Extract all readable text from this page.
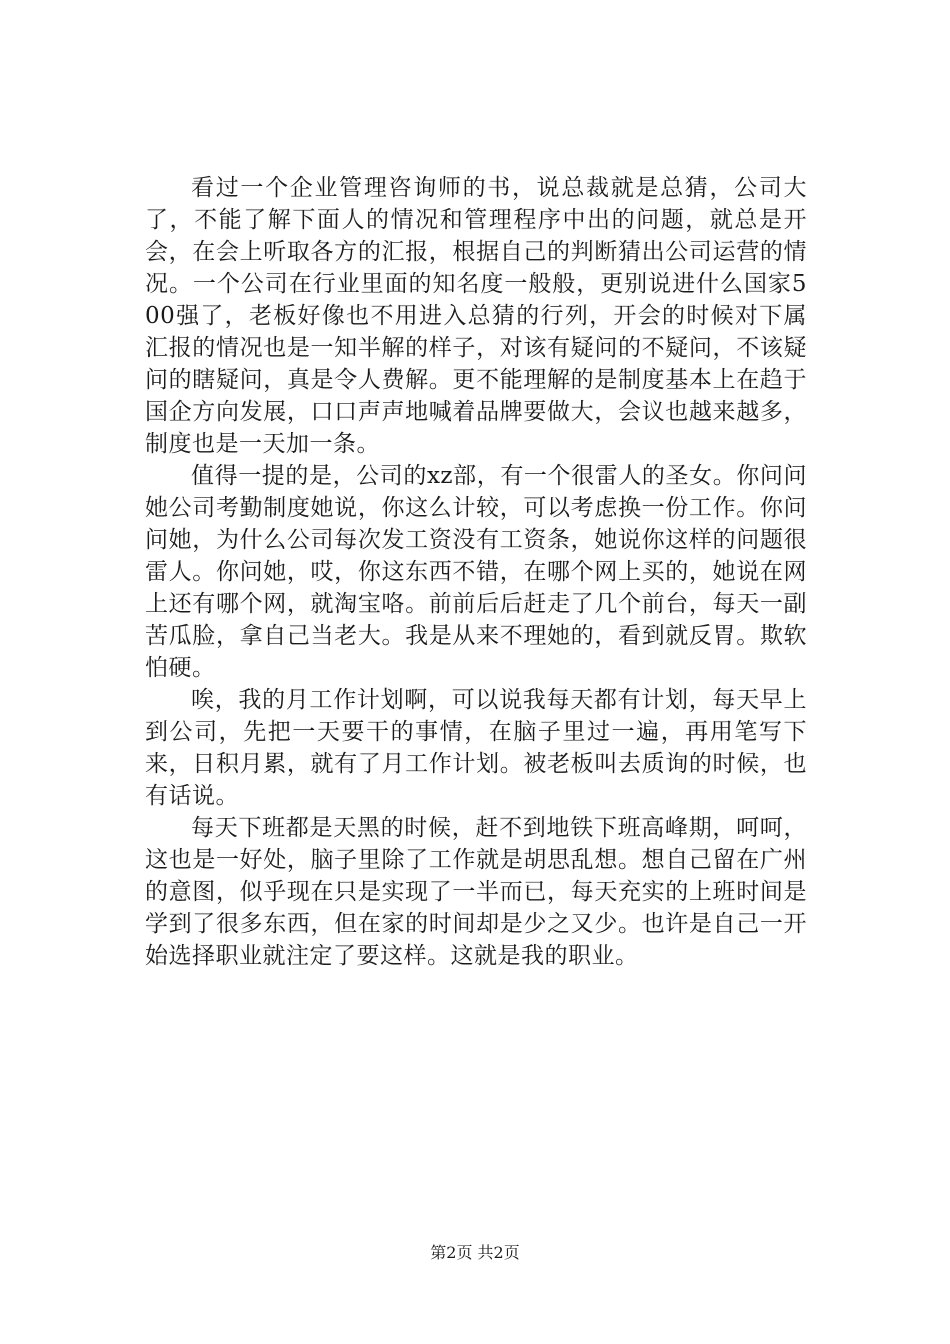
看过一个企业管理咨询师的书，说总裁就是总猜，公司大了，不能了解下面人的情况和管理程序中出的问题，就总是开会，在会上听取各方的汇报，根据自己的判断猜出公司运营的情况。一个公司在行业里面的知名度一般般，更别说进什么国家500强了，老板好像也不用进入总猜的行列，开会的时候对下属汇报的情况也是一知半解的样子，对该有疑问的不疑问，不该疑问的瞎疑问，真是令人费解。更不能理解的是制度基本上在趋于国企方向发展，口口声声地喊着品牌要做大，会议也越来越多，制度也是一天加一条。

值得一提的是，公司的xz部，有一个很雷人的圣女。你问问她公司考勤制度她说，你这么计较，可以考虑换一份工作。你问问她，为什么公司每次发工资没有工资条，她说你这样的问题很雷人。你问她，哎，你这东西不错，在哪个网上买的，她说在网上还有哪个网，就淘宝咯。前前后后赶走了几个前台，每天一副苦瓜脸，拿自己当老大。我是从来不理她的，看到就反胃。欺软怕硬。

唉，我的月工作计划啊，可以说我每天都有计划，每天早上到公司，先把一天要干的事情，在脑子里过一遍，再用笔写下来，日积月累，就有了月工作计划。被老板叫去质询的时候，也有话说。

每天下班都是天黑的时候，赶不到地铁下班高峰期，呵呵，这也是一好处，脑子里除了工作就是胡思乱想。想自己留在广州的意图，似乎现在只是实现了一半而已，每天充实的上班时间是学到了很多东西，但在家的时间却是少之又少。也许是自己一开始选择职业就注定了要这样。这就是我的职业。

第2页 共2页
